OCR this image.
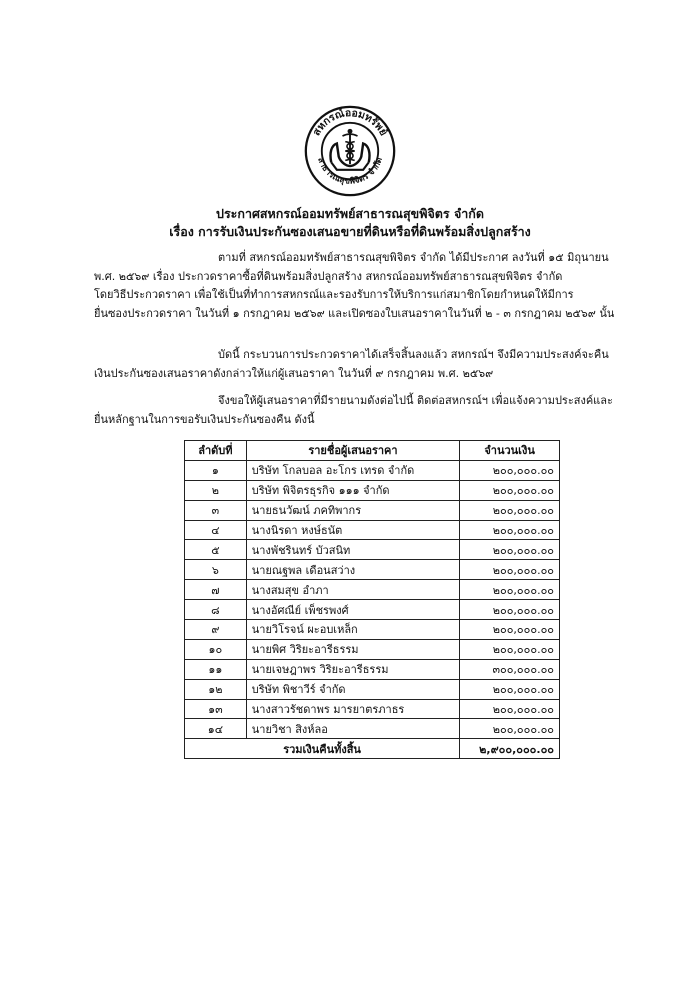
สหกรณ์ออมทรัพย์
สาธารณสุขพิจิตร จำกัด
ประกาศสหกรณ์ออมทรัพย์สาธารณสุขพิจิตร จำกัด
เรื่อง การรับเงินประกันซองเสนอขายที่ดินหรือที่ดินพร้อมสิ่งปลูกสร้าง
ตามที่ สหกรณ์ออมทรัพย์สาธารณสุขพิจิตร จำกัด ได้มีประกาศ ลงวันที่ ๑๕ มิถุนายน
พ.ศ. ๒๕๖๙ เรื่อง ประกวดราคาซื้อที่ดินพร้อมสิ่งปลูกสร้าง สหกรณ์ออมทรัพย์สาธารณสุขพิจิตร จำกัด
โดยวิธีประกวดราคา เพื่อใช้เป็นที่ทำการสหกรณ์และรองรับการให้บริการแก่สมาชิกโดยกำหนดให้มีการ
ยื่นซองประกวดราคา ในวันที่ ๑ กรกฎาคม ๒๕๖๙ และเปิดซองใบเสนอราคาในวันที่ ๒ - ๓ กรกฎาคม ๒๕๖๙ นั้น
บัดนี้ กระบวนการประกวดราคาได้เสร็จสิ้นลงแล้ว สหกรณ์ฯ จึงมีความประสงค์จะคืน
เงินประกันซองเสนอราคาดังกล่าวให้แก่ผู้เสนอราคา ในวันที่ ๙ กรกฎาคม พ.ศ. ๒๕๖๙
จึงขอให้ผู้เสนอราคาที่มีรายนามดังต่อไปนี้ ติดต่อสหกรณ์ฯ เพื่อแจ้งความประสงค์และ
ยื่นหลักฐานในการขอรับเงินประกันซองคืน ดังนี้
ลำดับที่	รายชื่อผู้เสนอราคา	จำนวนเงิน
๑	บริษัท โกลบอล อะโกร เทรด จำกัด	๒๐๐,๐๐๐.๐๐
๒	บริษัท พิจิตรธุรกิจ ๑๑๑ จำกัด	๒๐๐,๐๐๐.๐๐
๓	นายธนวัฒน์ ภคทิพากร	๒๐๐,๐๐๐.๐๐
๔	นางนิรดา หงษ์ธนัต	๒๐๐,๐๐๐.๐๐
๕	นางพัชรินทร์ บัวสนิท	๒๐๐,๐๐๐.๐๐
๖	นายณฐพล เดือนสว่าง	๒๐๐,๐๐๐.๐๐
๗	นางสมสุข อำภา	๒๐๐,๐๐๐.๐๐
๘	นางอัศณีย์ เพ็ชรพงศ์	๒๐๐,๐๐๐.๐๐
๙	นายวิโรจน์ ผะอบเหล็ก	๒๐๐,๐๐๐.๐๐
๑๐	นายพิศ วิริยะอารีธรรม	๒๐๐,๐๐๐.๐๐
๑๑	นายเจษฎาพร วิริยะอารีธรรม	๓๐๐,๐๐๐.๐๐
๑๒	บริษัท พิชาวีร์ จำกัด	๒๐๐,๐๐๐.๐๐
๑๓	นางสาวรัชดาพร มารยาตรภาธร	๒๐๐,๐๐๐.๐๐
๑๔	นายวิชา สิงห์ลอ	๒๐๐,๐๐๐.๐๐
รวมเงินคืนทั้งสิ้น		๒,๙๐๐,๐๐๐.๐๐
